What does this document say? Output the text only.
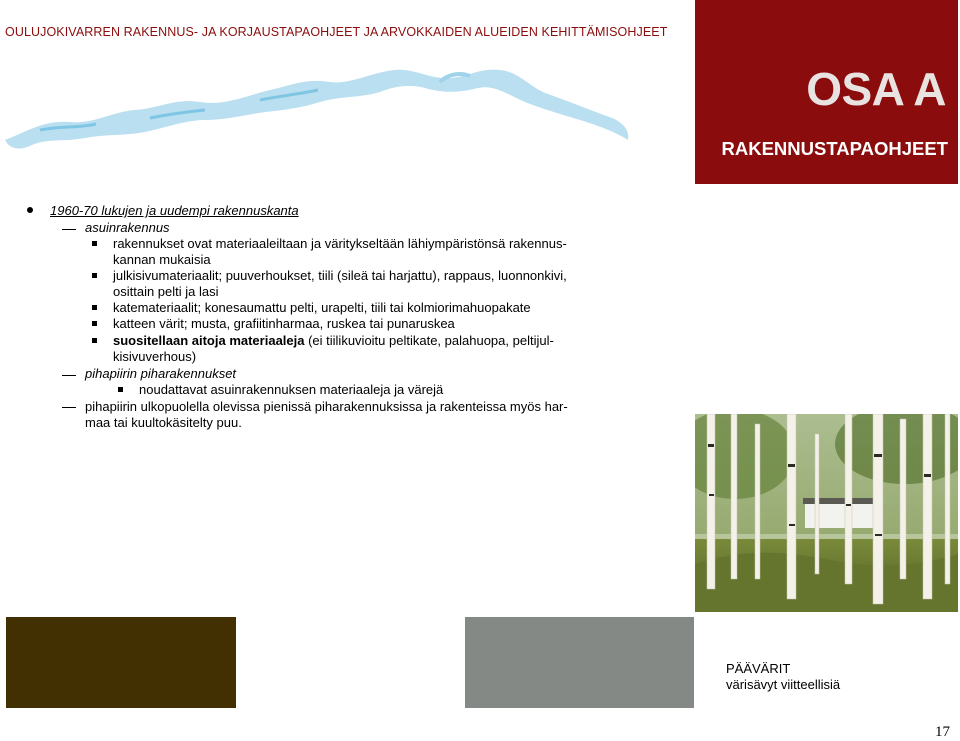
OULUJOKIVARREN RAKENNUS- JA KORJAUSTAPAOHJEET JA ARVOKKAIDEN ALUEIDEN KEHITTÄMISOHJEET
OSA A
RAKENNUSTAPAOHJEET
1960-70 lukujen ja uudempi rakennuskanta
asuinrakennus
rakennukset ovat materiaaleiltaan ja väritykseltään lähiympäristönsä rakennus-
kannan mukaisia
julkisivumateriaalit; puuverhoukset, tiili (sileä tai harjattu), rappaus, luonnonkivi,
osittain pelti ja lasi
katemateriaalit; konesaumattu pelti, urapelti, tiili tai kolmiorimahuopakate
katteen värit; musta, grafiitinharmaa, ruskea tai punaruskea
suositellaan aitoja materiaaleja (ei tiilikuvioitu peltikate, palahuopa, peltijul-
kisivuverhous)
pihapiirin piharakennukset
noudattavat asuinrakennuksen materiaaleja ja värejä
pihapiirin ulkopuolella olevissa pienissä piharakennuksissa ja rakenteissa myös har-
maa tai kuultokäsitelty puu.
PÄÄVÄRIT
värisävyt viitteellisiä
17
